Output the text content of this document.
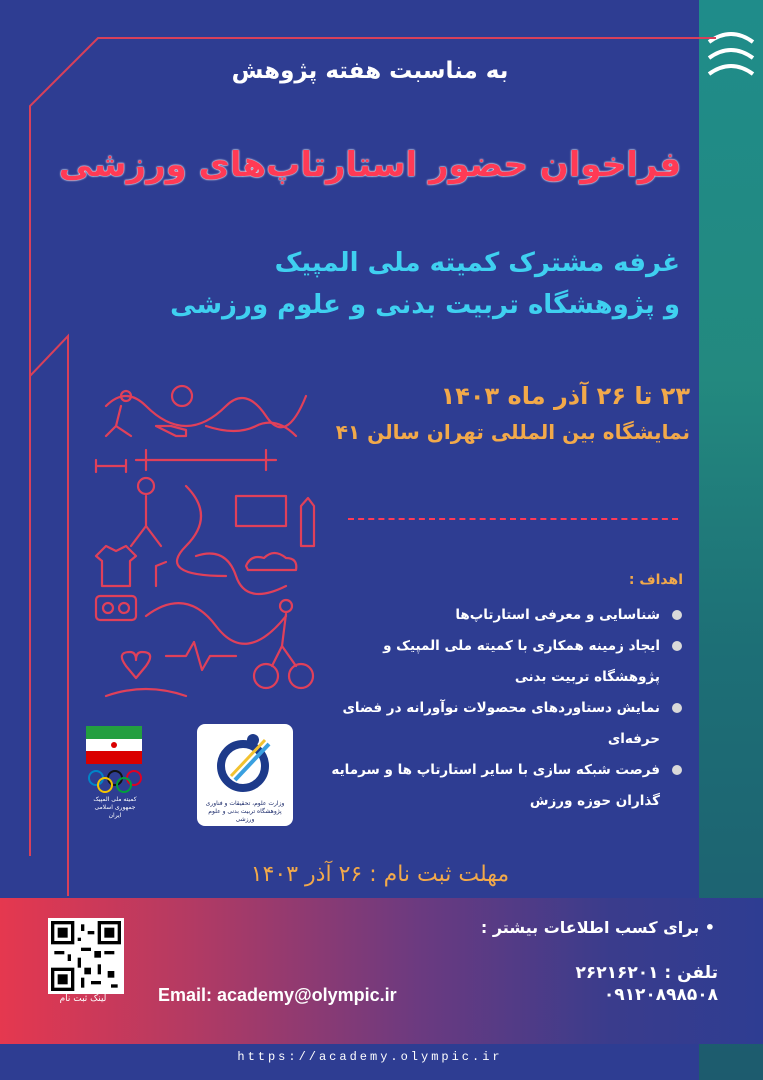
به مناسبت هفته پژوهش
فراخوان حضور استارتاپ‌های ورزشی
غرفه مشترک کمیته ملی المپیک
و پژوهشگاه تربیت بدنی و علوم ورزشی
۲۳ تا ۲۶ آذر ماه ۱۴۰۳
نمایشگاه بین المللی تهران سالن ۴۱
کمیته ملی المپیک جمهوری اسلامی ایران
وزارت علوم، تحقیقات و فناوری پژوهشگاه تربیت بدنی و علوم ورزشی
اهداف :
شناسایی و معرفی استارتاپ‌ها
ایجاد زمینه همکاری با کمیته ملی المپیک و پژوهشگاه تربیت بدنی
نمایش دستاوردهای محصولات نوآورانه در فضای حرفه‌ای
فرصت شبکه سازی با سایر استارتاپ ها و سرمایه گذاران حوزه ورزش
مهلت ثبت نام : ۲۶ آذر ۱۴۰۳
لینک ثبت نام
• برای کسب اطلاعات بیشتر :
Email: academy@olympic.ir
تلفن : ۲۶۲۱۶۲۰۱
۰۹۱۲۰۸۹۸۵۰۸
https://academy.olympic.ir
